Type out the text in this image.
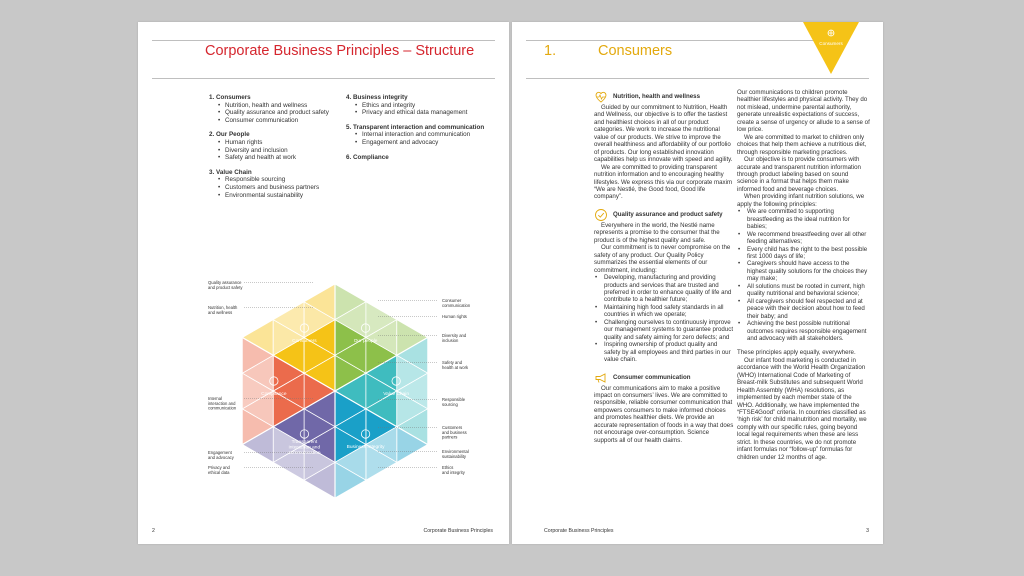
Corporate Business Principles – Structure
1. Consumers
• Nutrition, health and wellness
• Quality assurance and product safety
• Consumer communication
2. Our People
• Human rights
• Diversity and inclusion
• Safety and health at work
3. Value Chain
• Responsible sourcing
• Customers and business partners
• Environmental sustainability
4. Business integrity
• Ethics and integrity
• Privacy and ethical data management
5. Transparent interaction and communication
• Internal interaction and communication
• Engagement and advocacy
6. Compliance
Consumers	Our people
Compliance	Value Chain
Business Integrity
Transparent
interaction and
communication
Quality assurance
and product safety
Nutrition, health
and wellness
Internal
interaction and
communication
Engagement
and advocacy
Privacy and
ethical data
Consumer
communication
Human rights
Diversity and
inclusion
Safety and
health at work
Responsible
sourcing
Customers
and business
partners
Environmental
sustainability
Ethics
and integrity
2	Corporate Business Principles
1.	Consumers	Consumers
Nutrition, health and wellness

Guided by our commitment to Nutrition, Health and Wellness, our objective is to offer the tastiest and healthiest choices in all of our product categories. We work to increase the nutritional value of our products. We strive to improve the overall healthiness and affordability of our portfolio of products. Our long established innovation capabilities help us innovate with speed and agility.

We are committed to providing transparent nutrition information and to encouraging healthy lifestyles. We express this via our corporate maxim “We are Nestlé, the Good food, Good life company”.

Quality assurance and product safety

Everywhere in the world, the Nestlé name represents a promise to the consumer that the product is of the highest quality and safe.

Our commitment is to never compromise on the safety of any product. Our Quality Policy summarizes the essential elements of our commitment, including:

• Developing, manufacturing and providing products and services that are trusted and preferred in order to enhance quality of life and contribute to a healthier future;
• Maintaining high food safety standards in all countries in which we operate;
• Challenging ourselves to continuously improve our management systems to guarantee product quality and safety aiming for zero defects; and
• Inspiring ownership of product quality and safety by all employees and third parties in our value chain.
Consumer communication

Our communications aim to make a positive impact on consumers’ lives. We are committed to responsible, reliable consumer communication that empowers consumers to make informed choices and promotes healthier diets. We provide an accurate representation of foods in a way that does not encourage over-consumption. Science supports all of our health claims.

Our communications to children promote healthier lifestyles and physical activity. They do not mislead, undermine parental authority, generate unrealistic expectations of success, create a sense of urgency or allude to a sense of low price.

We are committed to market to children only choices that help them achieve a nutritious diet, through responsible marketing practices.

Our objective is to provide consumers with accurate and transparent nutrition information through product labeling based on sound science in a format that helps them make informed food and beverage choices.

When providing infant nutrition solutions, we apply the following principles:

• We are committed to supporting breastfeeding as the ideal nutrition for babies;
• We recommend breastfeeding over all other feeding alternatives;
• Every child has the right to the best possible first 1000 days of life;
• Caregivers should have access to the highest quality solutions for the choices they may make;
• All solutions must be rooted in current, high quality nutritional and behavioral science;
• All caregivers should feel respected and at peace with their decision about how to feed their baby; and
• Achieving the best possible nutritional outcomes requires responsible engagement and advocacy with all stakeholders.

These principles apply equally, everywhere.

Our infant food marketing is conducted in accordance with the World Health Organization (WHO) International Code of Marketing of Breast-milk Substitutes and subsequent World Health Assembly (WHA) resolutions, as implemented by each member state of the WHO. Additionally, we have implemented the “FTSE4Good” criteria. In countries classified as ‘high risk’ for child malnutrition and mortality, we comply with our specific rules, going beyond local legal requirements when these are less strict. In these countries, we do not promote infant formulas nor “follow-up” formulas for children under 12 months of age.

Corporate Business Principles	3
